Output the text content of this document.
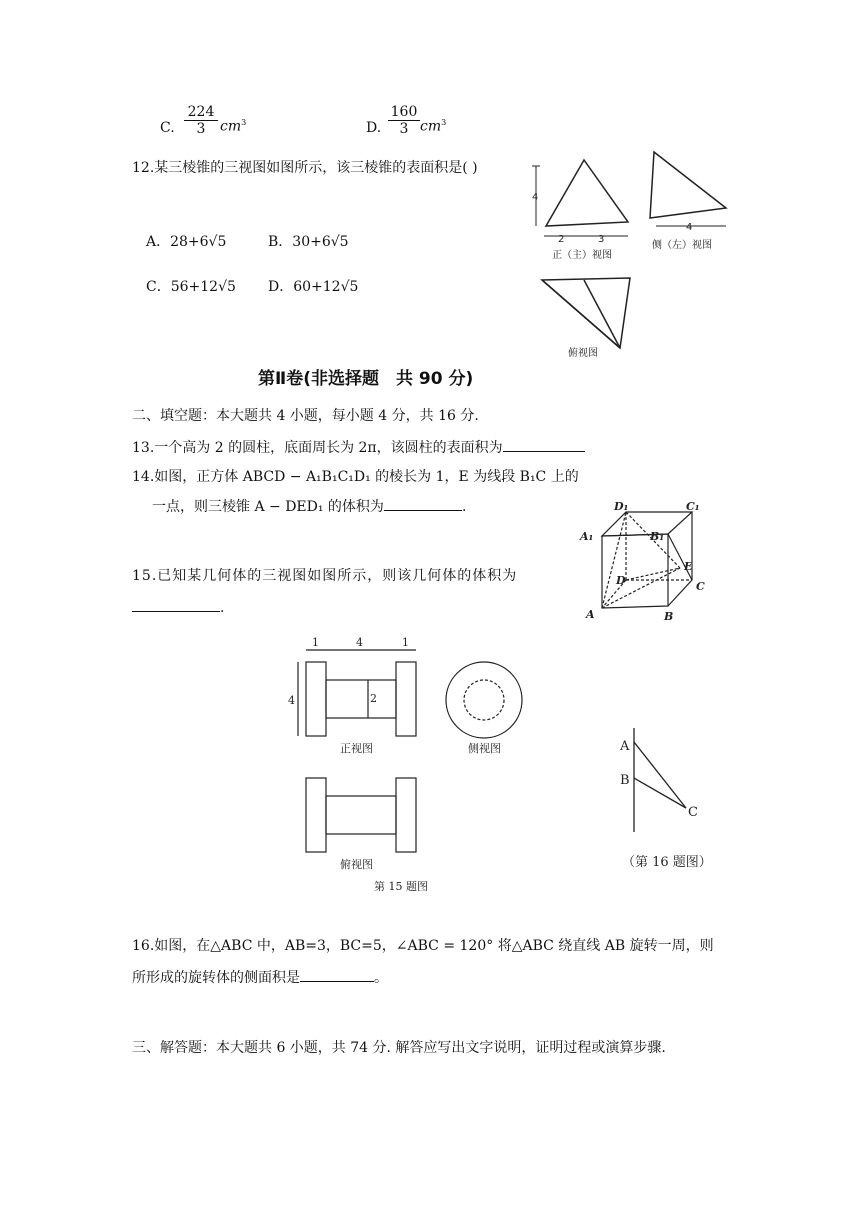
C. $\frac{224}{3} cm^3$	D. $\frac{160}{3} cm^3$
12.某三棱锥的三视图如图所示，该三棱锥的表面积是( )
A．28+6√5	B．30+6√5
C．56+12√5 D．60+12√5
4
2	3
4
正（主）视图
侧（左）视图
俯视图
第Ⅱ卷(非选择题　共 90 分)
二、填空题：本大题共 4 小题，每小题 4 分，共 16 分.
13.一个高为 2 的圆柱，底面周长为 2π，该圆柱的表面积为
14.如图，正方体 ABCD − A₁B₁C₁D₁ 的棱长为 1，E 为线段 B₁C 上的
一点，则三棱锥 A − DED₁ 的体积为	.	D₁	C₁
A₁	B₁
D
E
C
A	B
15.已知某几何体的三视图如图所示，则该几何体的体积为
.
1	4	1
4	2
正视图	侧视图
俯视图
第 15 题图
A
B
C
（第 16 题图）
16.如图，在△ABC 中，AB=3，BC=5，∠ABC = 120° 将△ABC 绕直线 AB 旋转一周，则
所形成的旋转体的侧面积是	。
三、解答题：本大题共 6 小题，共 74 分. 解答应写出文字说明，证明过程或演算步骤.
